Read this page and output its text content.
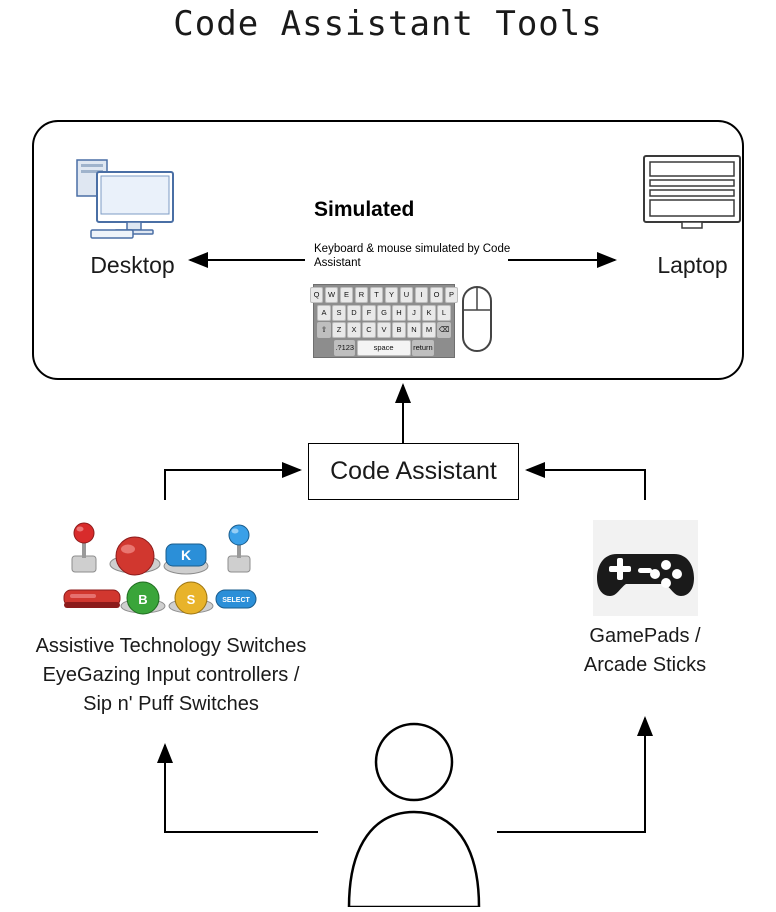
Code Assistant Tools
Desktop	Laptop
Simulated
Keyboard & mouse simulated by Code Assistant
Q	W	E	R	T	Y	U	I	O	P
A	S	D	F	G	H	J	K	L
⇧	Z	X	C	V	B	N	M ⌫
.?123	space	return
Code Assistant
K
B	S	SELECT
Assistive Technology Switches
EyeGazing Input controllers /
Sip n' Puff Switches
GamePads /
Arcade Sticks
